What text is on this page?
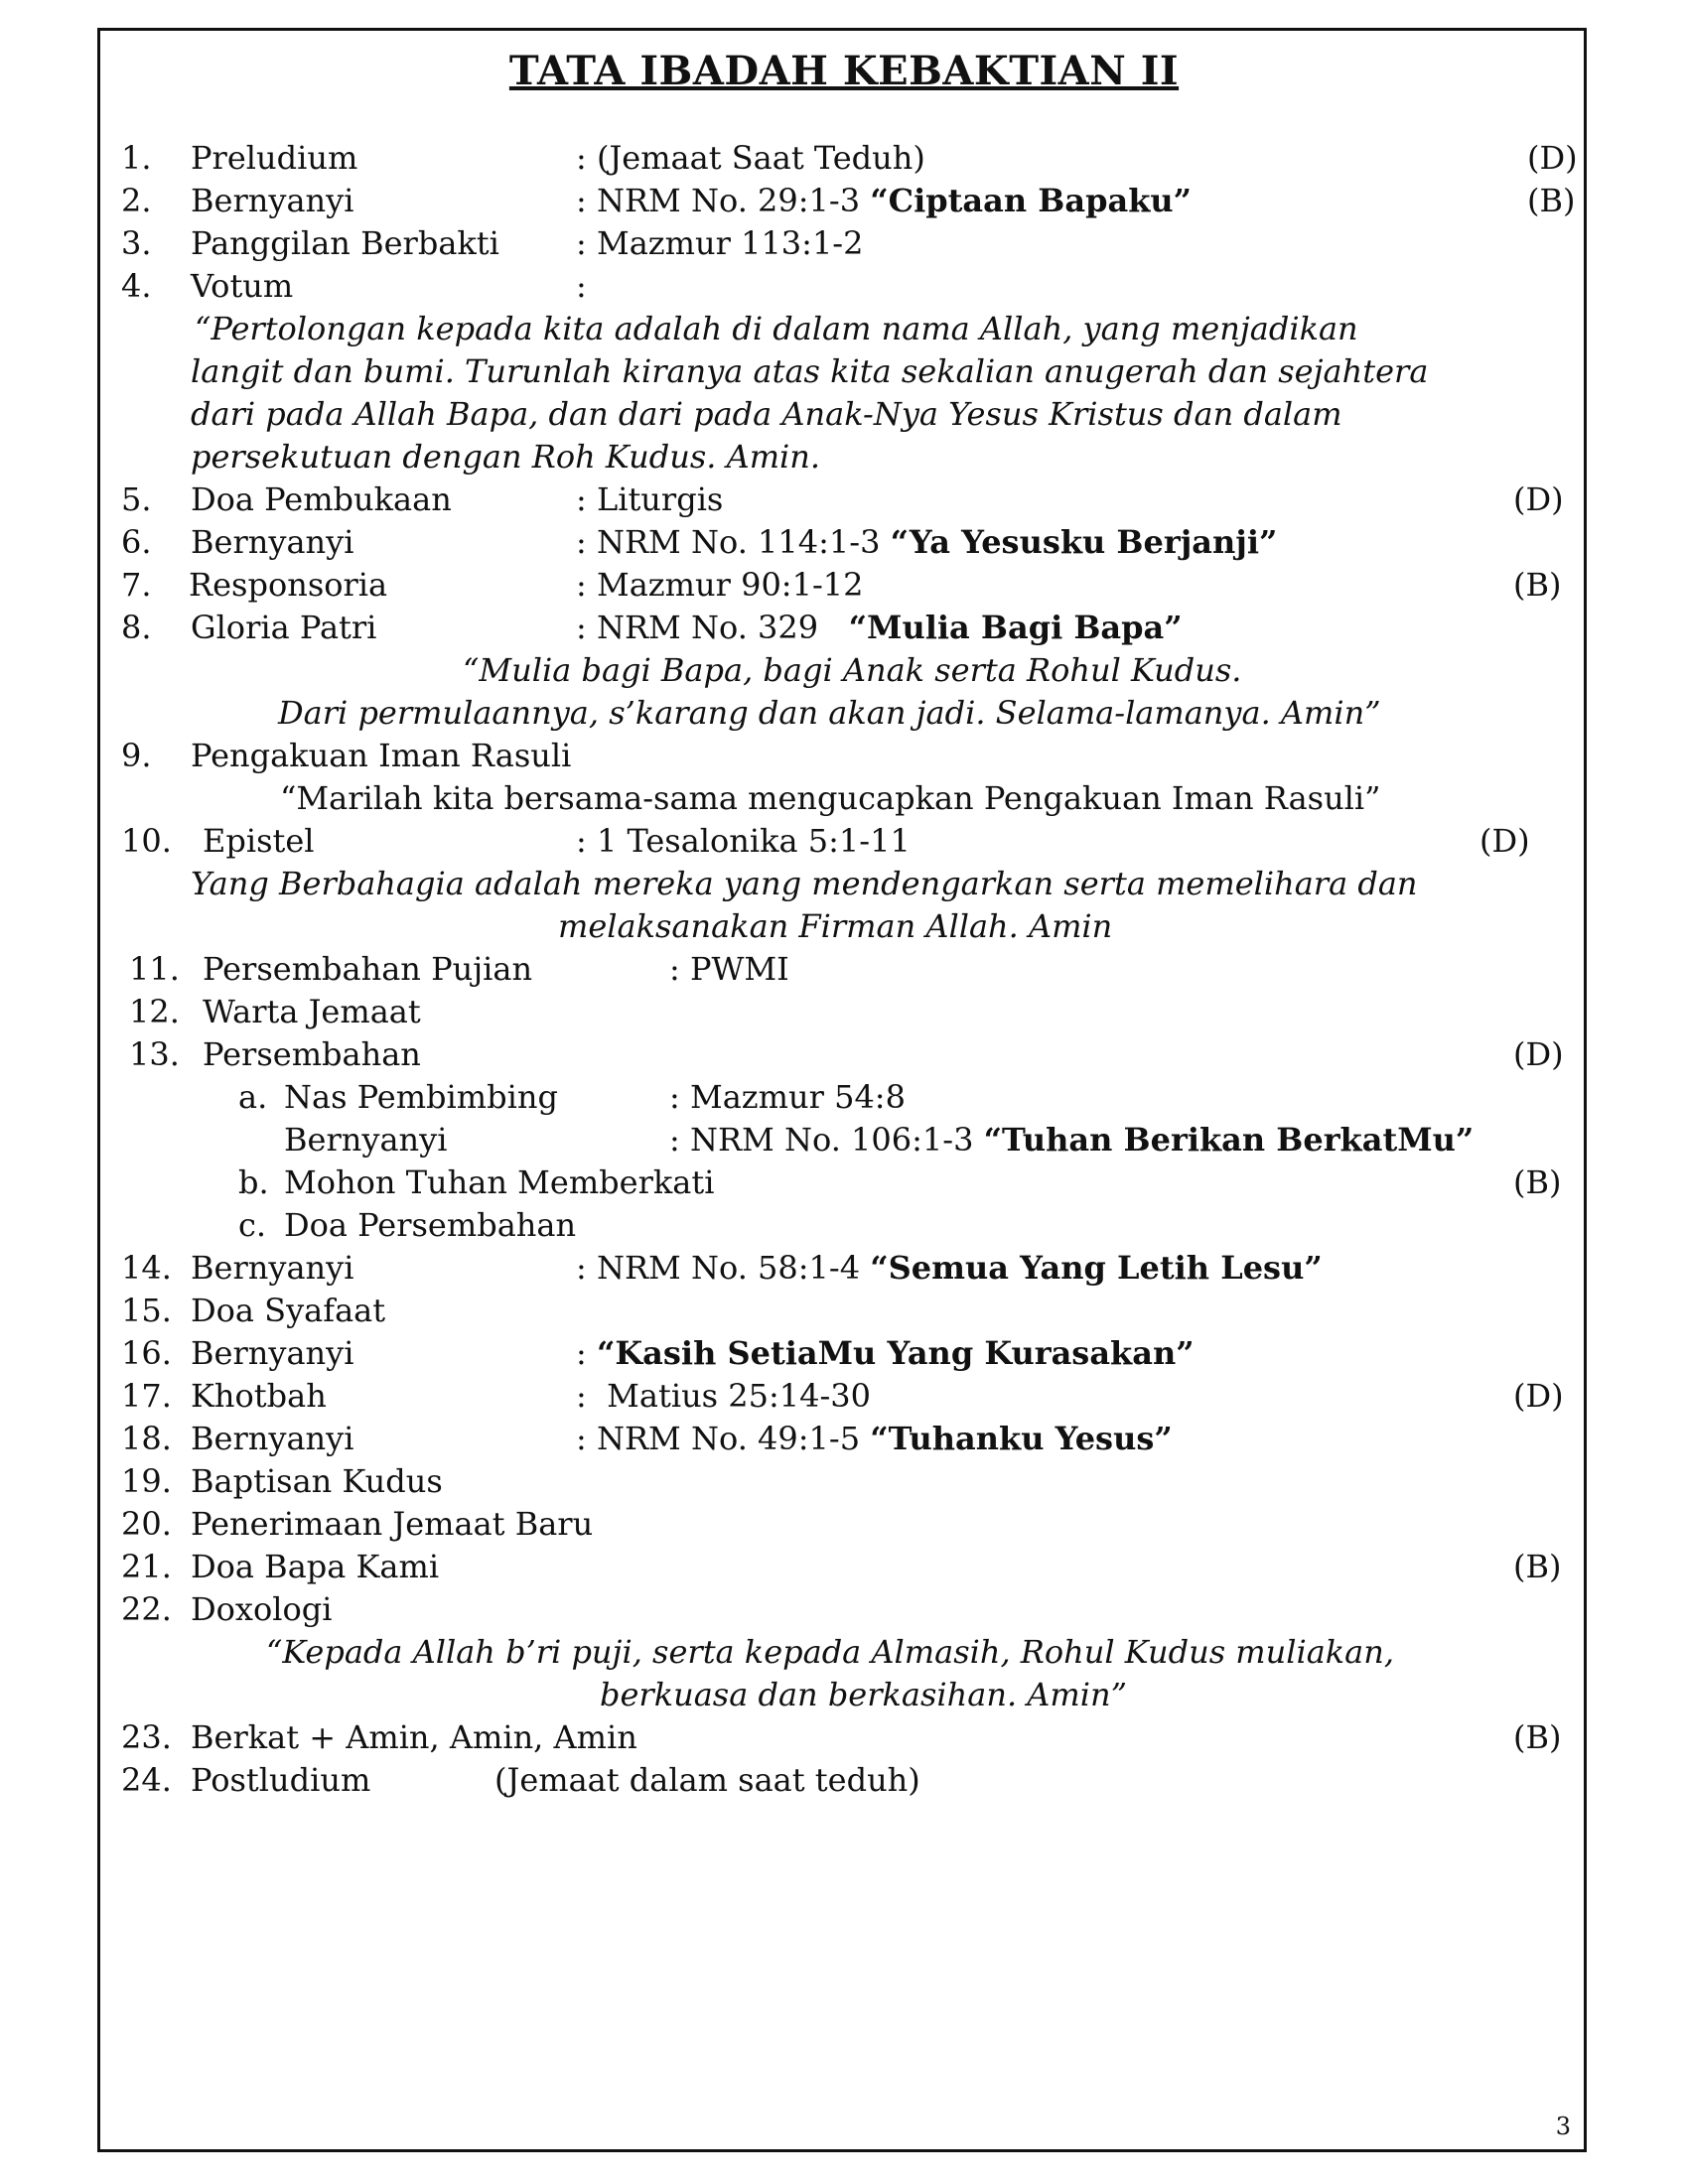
TATA IBADAH KEBAKTIAN II
1. Preludium	: (Jemaat Saat Teduh)	(D)
2. Bernyanyi	: NRM No. 29:1-3 “Ciptaan Bapaku”	(B)
3. Panggilan Berbakti : Mazmur 113:1-2
4. Votum	:
“Pertolongan kepada kita adalah di dalam nama Allah, yang menjadikan
langit dan bumi. Turunlah kiranya atas kita sekalian anugerah dan sejahtera
dari pada Allah Bapa, dan dari pada Anak-Nya Yesus Kristus dan dalam
persekutuan dengan Roh Kudus. Amin.
5. Doa Pembukaan	: Liturgis	(D)
6. Bernyanyi	: NRM No. 114:1-3 “Ya Yesusku Berjanji”
7. Responsoria	: Mazmur 90:1-12	(B)
8. Gloria Patri	: NRM No. 329 “Mulia Bagi Bapa”
“Mulia bagi Bapa, bagi Anak serta Rohul Kudus.
Dari permulaannya, s’karang dan akan jadi. Selama-lamanya. Amin”
9. Pengakuan Iman Rasuli
“Marilah kita bersama-sama mengucapkan Pengakuan Iman Rasuli”
10. Epistel	: 1 Tesalonika 5:1-11	(D)
Yang Berbahagia adalah mereka yang mendengarkan serta memelihara dan
melaksanakan Firman Allah. Amin
11. Persembahan Pujian	: PWMI
12. Warta Jemaat
13. Persembahan	(D)
a. Nas Pembimbing	: Mazmur 54:8
Bernyanyi	: NRM No. 106:1-3 “Tuhan Berikan BerkatMu”
b. Mohon Tuhan Memberkati	(B)
c. Doa Persembahan
14. Bernyanyi	: NRM No. 58:1-4 “Semua Yang Letih Lesu”
15. Doa Syafaat
16. Bernyanyi	: “Kasih SetiaMu Yang Kurasakan”
17. Khotbah	:  Matius 25:14-30	(D)
18. Bernyanyi	: NRM No. 49:1-5 “Tuhanku Yesus”
19. Baptisan Kudus
20. Penerimaan Jemaat Baru
21. Doa Bapa Kami	(B)
22. Doxologi
“Kepada Allah b’ri puji, serta kepada Almasih, Rohul Kudus muliakan,
berkuasa dan berkasihan. Amin”
23. Berkat + Amin, Amin, Amin	(B)
24. Postludium	(Jemaat dalam saat teduh)
3
